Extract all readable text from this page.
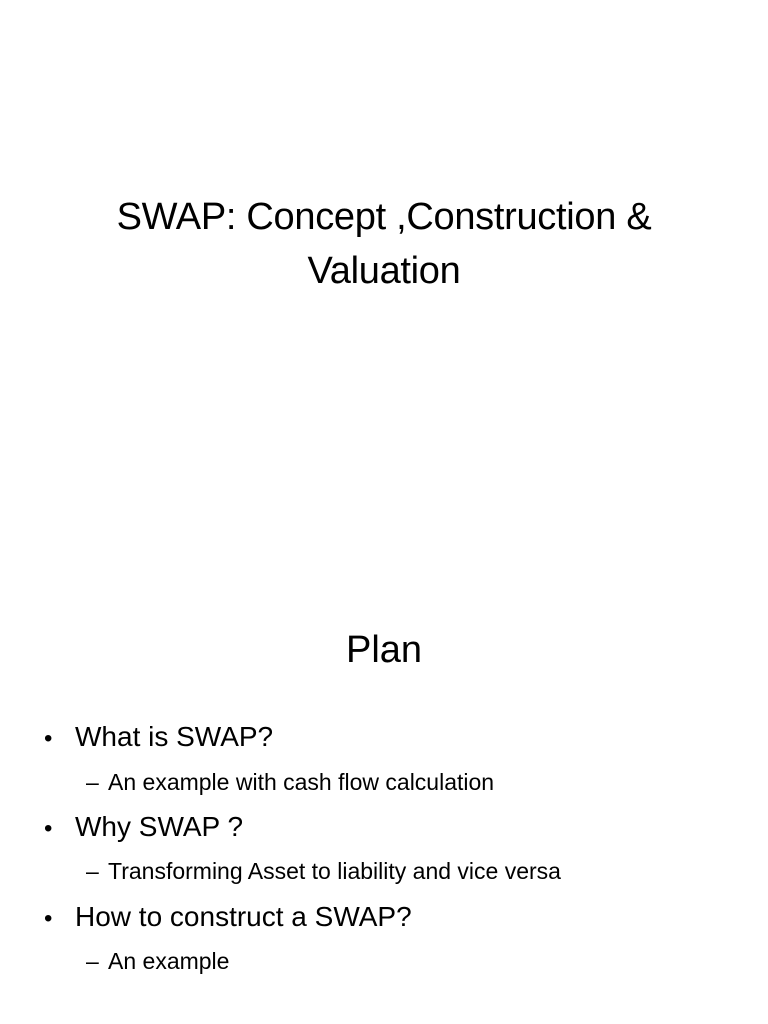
SWAP: Concept ,Construction &
Valuation
Plan
• What is SWAP?
– An example with cash flow calculation
• Why SWAP ?
– Transforming Asset to liability and vice versa
• How to construct a SWAP?
– An example
